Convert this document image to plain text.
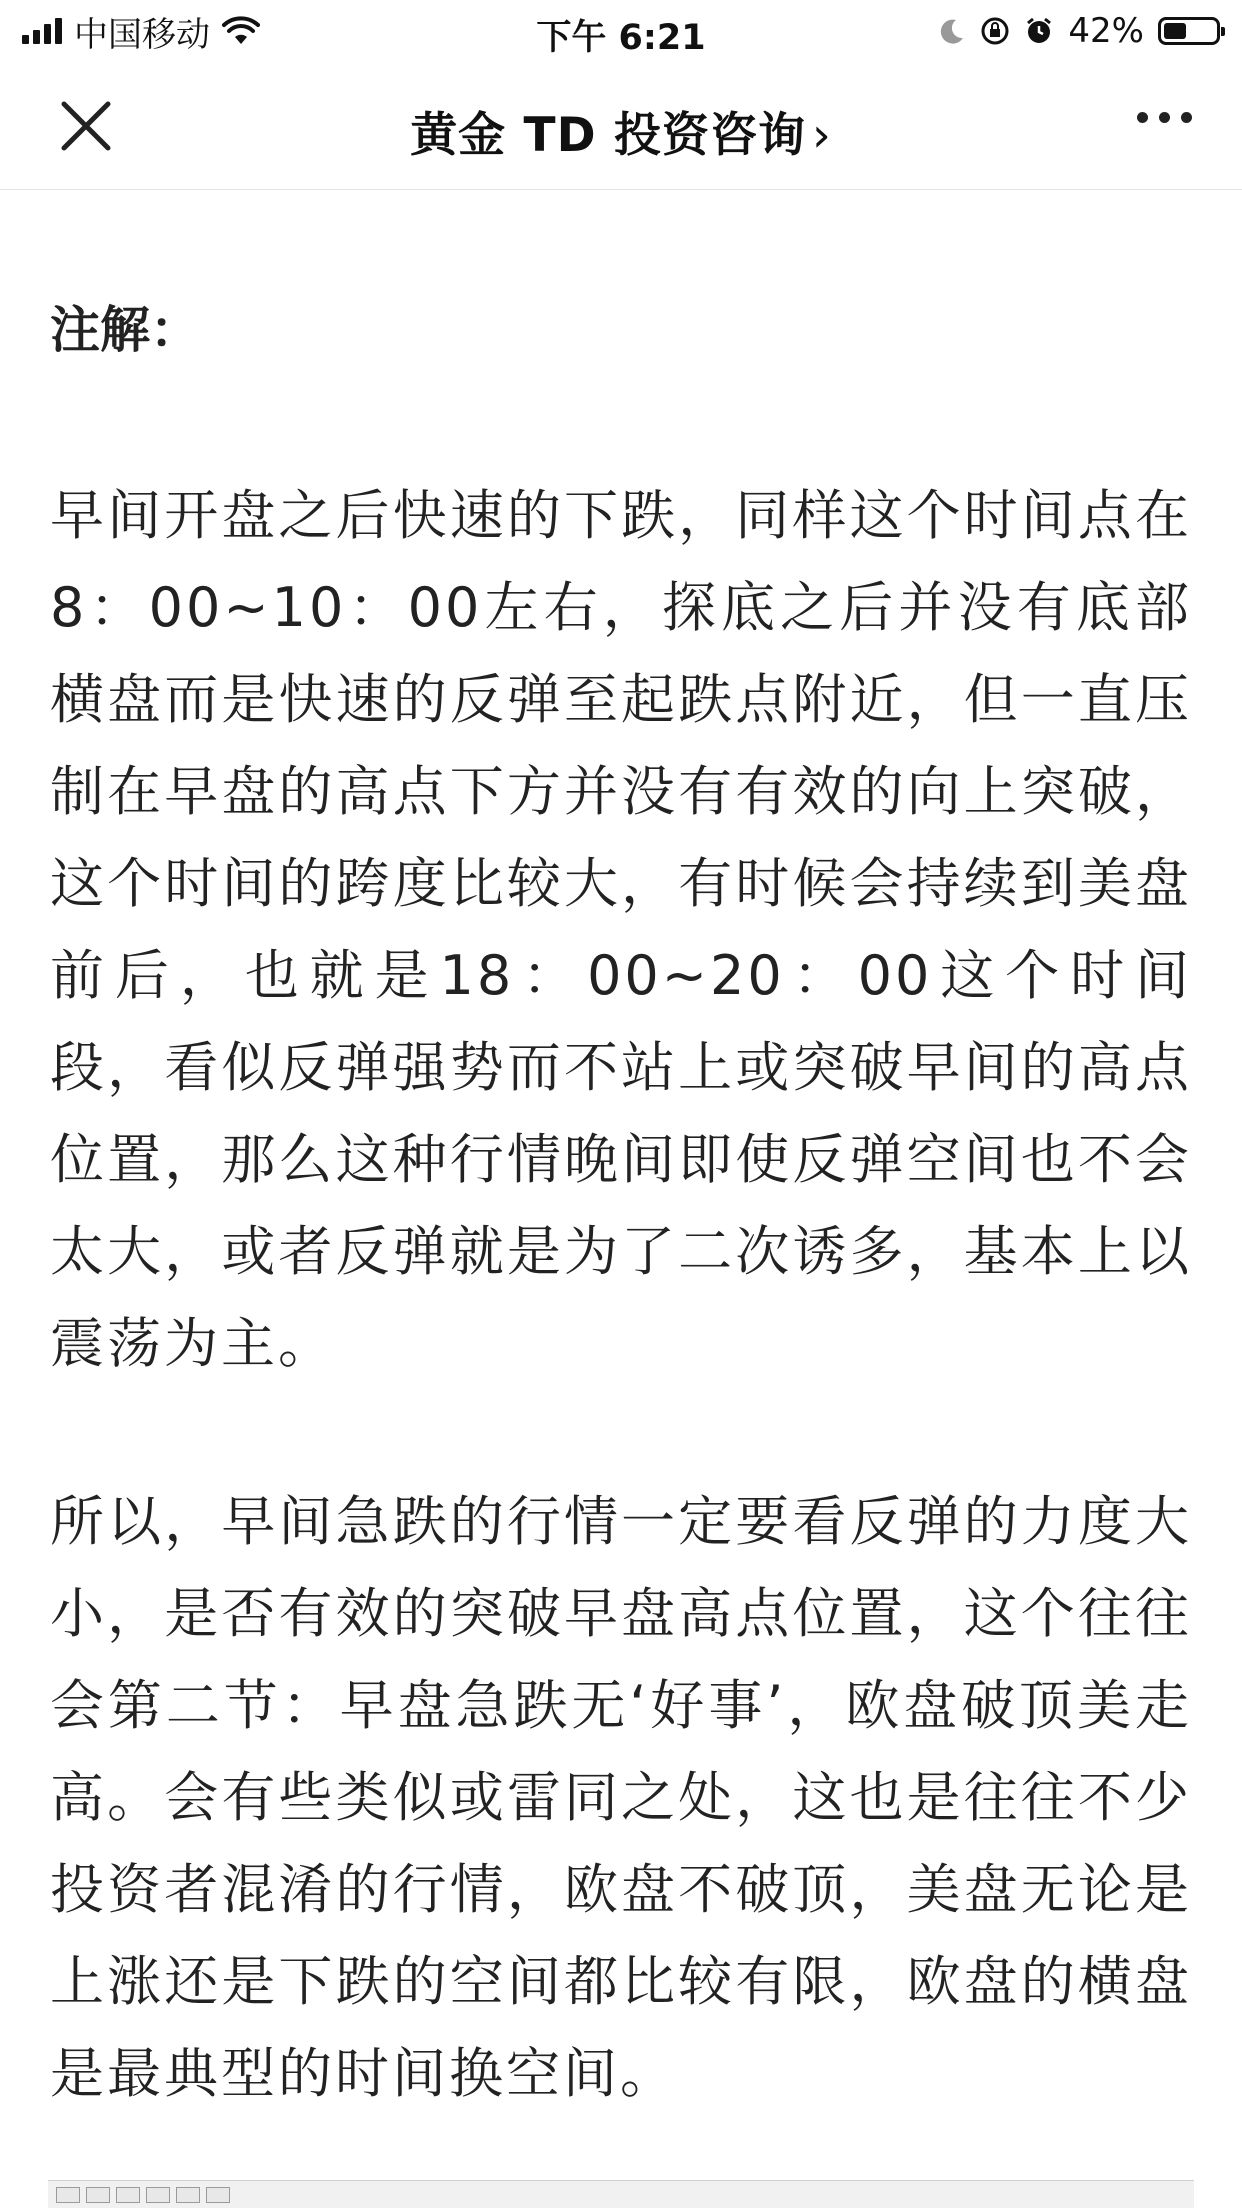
中国移动	下午 6:21	42%
黄金 TD 投资咨询 ›
注解：

早间开盘之后快速的下跌，同样这个时间点在8：00~10：00左右，探底之后并没有底部横盘而是快速的反弹至起跌点附近，但一直压制在早盘的高点下方并没有有效的向上突破，这个时间的跨度比较大，有时候会持续到美盘前后，也就是18：00~20：00这个时间段，看似反弹强势而不站上或突破早间的高点位置，那么这种行情晚间即使反弹空间也不会太大，或者反弹就是为了二次诱多，基本上以震荡为主。

所以，早间急跌的行情一定要看反弹的力度大小，是否有效的突破早盘高点位置，这个往往会第二节：早盘急跌无‘好事’，欧盘破顶美走高。会有些类似或雷同之处，这也是往往不少投资者混淆的行情，欧盘不破顶，美盘无论是上涨还是下跌的空间都比较有限，欧盘的横盘是最典型的时间换空间。
